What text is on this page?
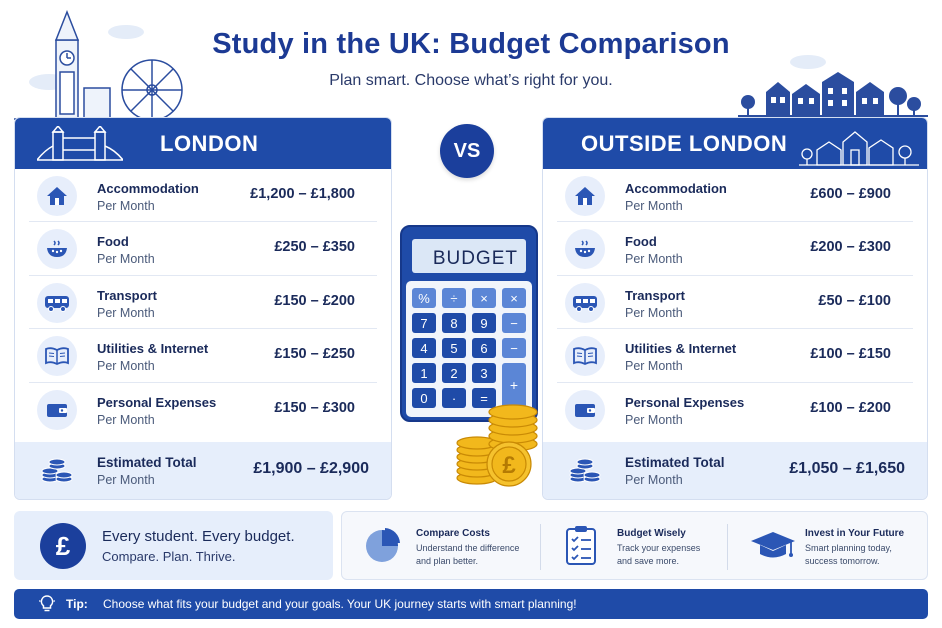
Study in the UK: Budget Comparison
Plan smart. Choose what’s right for you.
LONDON
Accommodation
Per Month
£1,200 – £1,800
Food
Per Month
£250 – £350
Transport
Per Month
£150 – £200
Utilities & Internet
Per Month
£150 – £250
Personal Expenses
Per Month
£150 – £300
Estimated Total
Per Month
£1,900 – £2,900
VS
BUDGET
% ÷ × ×
7 8 9 −
4 5 6 −
1 2 3
+
0 · =
£
OUTSIDE LONDON
Accommodation
Per Month
£600 – £900
Food
Per Month
£200 – £300
Transport
Per Month
£50 – £100
Utilities & Internet
Per Month
£100 – £150
Personal Expenses
Per Month
£100 – £200
Estimated Total
Per Month
£1,050 – £1,650
£	Every student. Every budget.
Compare. Plan. Thrive.
Compare Costs
Understand the difference
and plan better.
Budget Wisely
Track your expenses
and save more.
Invest in Your Future
Smart planning today,
success tomorrow.
Tip: Choose what fits your budget and your goals. Your UK journey starts with smart planning!
